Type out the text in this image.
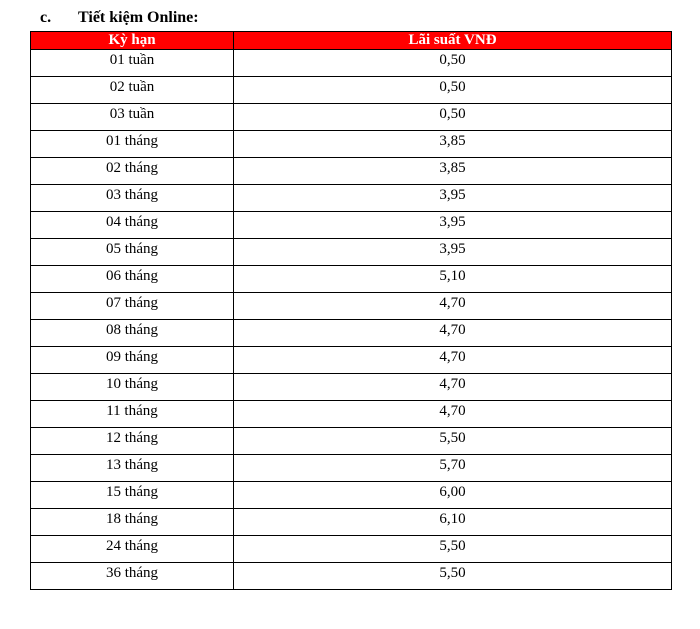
c. Tiết kiệm Online:
Kỳ hạn	Lãi suất VNĐ
01 tuần	0,50
02 tuần	0,50
03 tuần	0,50
01 tháng	3,85
02 tháng	3,85
03 tháng	3,95
04 tháng	3,95
05 tháng	3,95
06 tháng	5,10
07 tháng	4,70
08 tháng	4,70
09 tháng	4,70
10 tháng	4,70
11 tháng	4,70
12 tháng	5,50
13 tháng	5,70
15 tháng	6,00
18 tháng	6,10
24 tháng	5,50
36 tháng	5,50
